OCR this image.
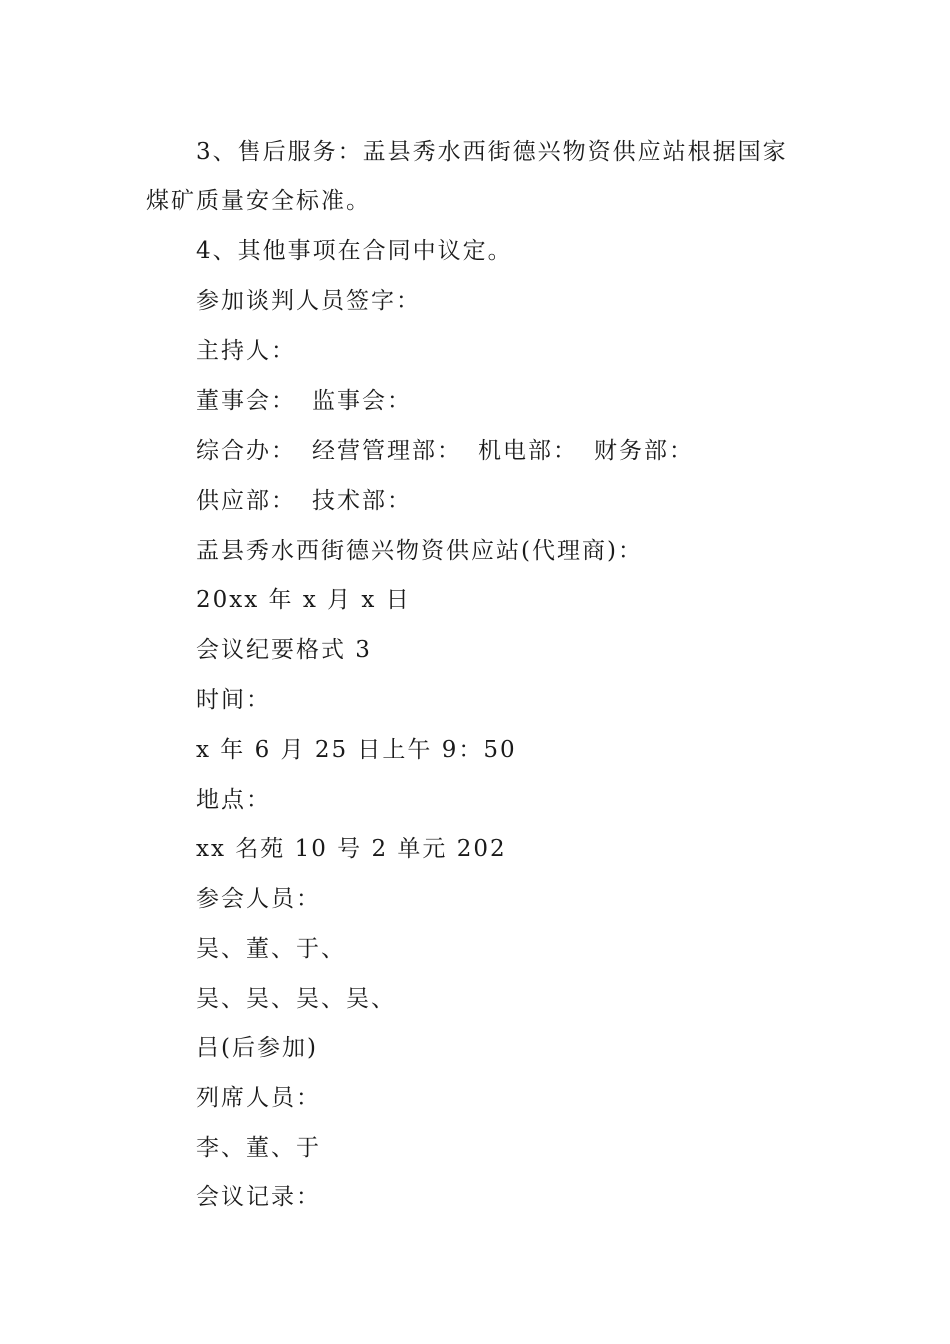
3、售后服务：盂县秀水西街德兴物资供应站根据国家
煤矿质量安全标准。
4、其他事项在合同中议定。
参加谈判人员签字：
主持人：
董事会： 监事会：
综合办： 经营管理部： 机电部： 财务部：
供应部： 技术部：
盂县秀水西街德兴物资供应站(代理商)：
20xx 年 x 月 x 日
会议纪要格式 3
时间：
x 年 6 月 25 日上午 9：50
地点：
xx 名苑 10 号 2 单元 202
参会人员：
吴、董、于、
吴、吴、吴、吴、
吕(后参加)
列席人员：
李、董、于
会议记录：
